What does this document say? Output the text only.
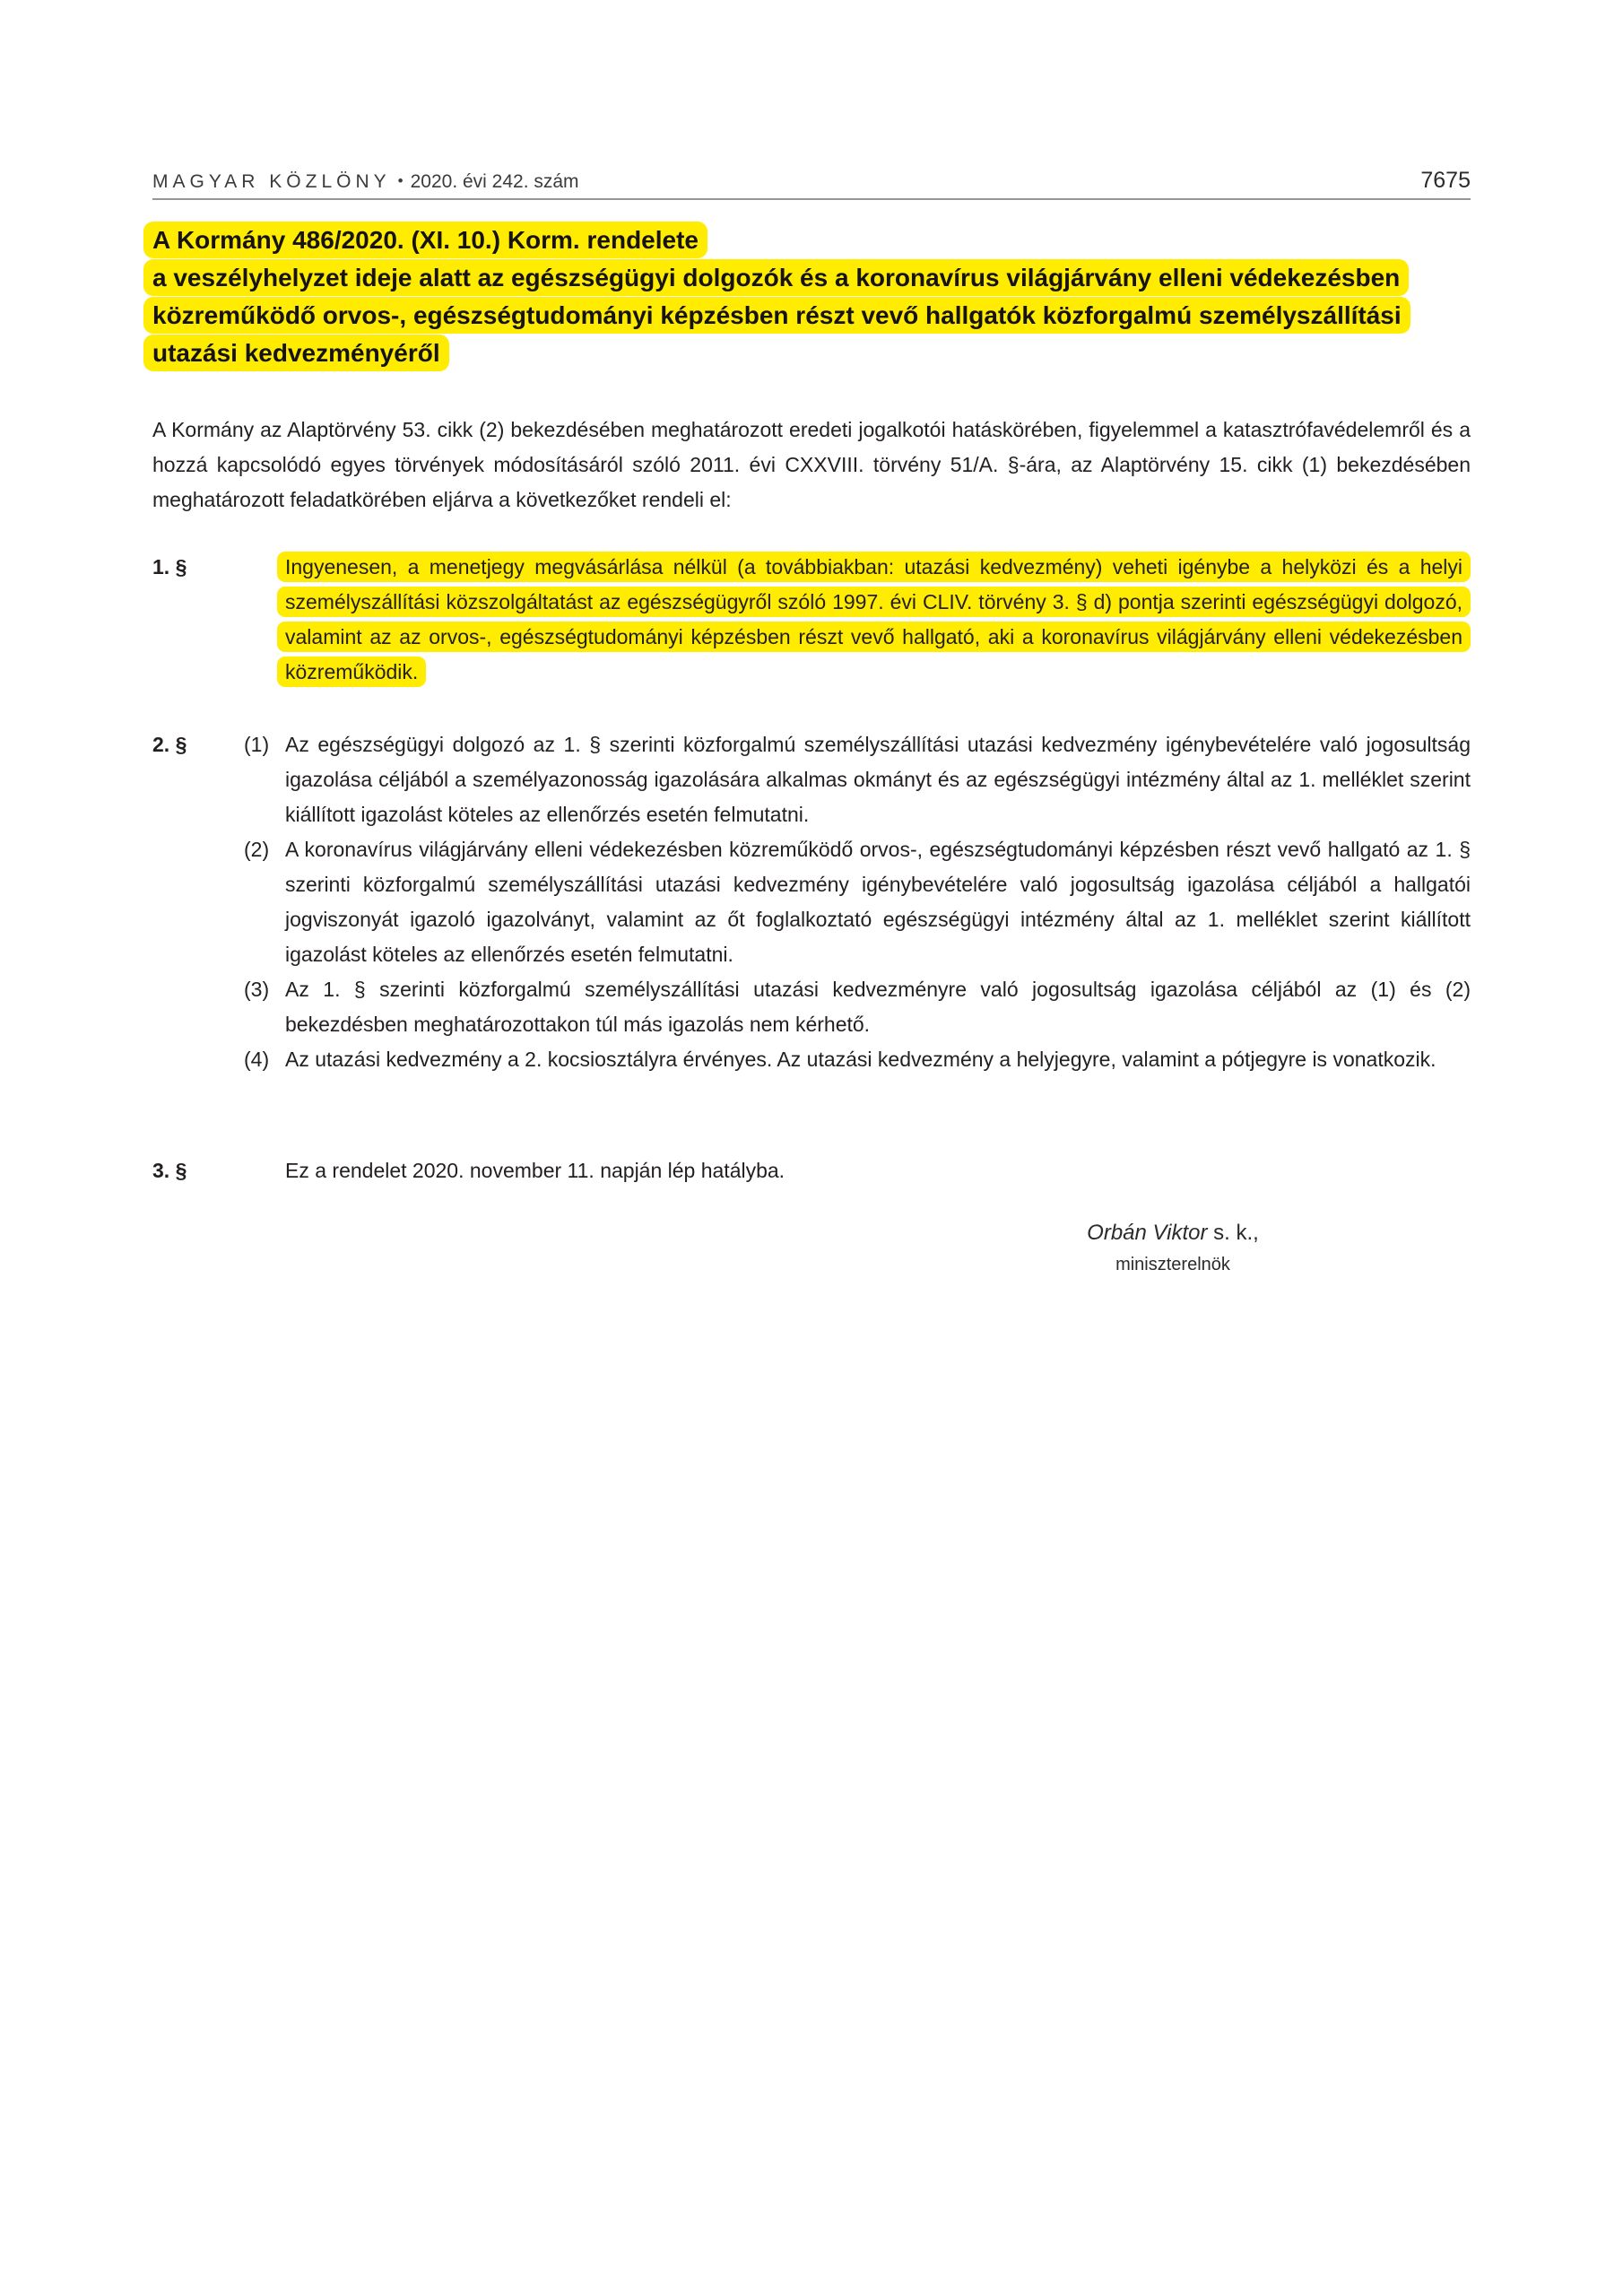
MAGYAR KÖZLÖNY • 2020. évi 242. szám	7675
A Kormány 486/2020. (XI. 10.) Korm. rendelete
a veszélyhelyzet ideje alatt az egészségügyi dolgozók és a koronavírus világjárvány elleni védekezésben közreműködő orvos-, egészségtudományi képzésben részt vevő hallgatók közforgalmú személyszállítási utazási kedvezményéről

A Kormány az Alaptörvény 53. cikk (2) bekezdésében meghatározott eredeti jogalkotói hatáskörében, figyelemmel a katasztrófavédelemről és a hozzá kapcsolódó egyes törvények módosításáról szóló 2011. évi CXXVIII. törvény 51/A. §-ára, az Alaptörvény 15. cikk (1) bekezdésében meghatározott feladatkörében eljárva a következőket rendeli el:

1. §	Ingyenesen, a menetjegy megvásárlása nélkül (a továbbiakban: utazási kedvezmény) veheti igénybe a helyközi és a helyi személyszállítási közszolgáltatást az egészségügyről szóló 1997. évi CLIV. törvény 3. § d) pontja szerinti egészségügyi dolgozó, valamint az az orvos-, egészségtudományi képzésben részt vevő hallgató, aki a koronavírus világjárvány elleni védekezésben közreműködik.
2. §	(1) Az egészségügyi dolgozó az 1. § szerinti közforgalmú személyszállítási utazási kedvezmény igénybevételére való jogosultság igazolása céljából a személyazonosság igazolására alkalmas okmányt és az egészségügyi intézmény által az 1. melléklet szerint kiállított igazolást köteles az ellenőrzés esetén felmutatni.
(2) A koronavírus világjárvány elleni védekezésben közreműködő orvos-, egészségtudományi képzésben részt vevő hallgató az 1. § szerinti közforgalmú személyszállítási utazási kedvezmény igénybevételére való jogosultság igazolása céljából a hallgatói jogviszonyát igazoló igazolványt, valamint az őt foglalkoztató egészségügyi intézmény által az 1. melléklet szerint kiállított igazolást köteles az ellenőrzés esetén felmutatni.
(3) Az 1. § szerinti közforgalmú személyszállítási utazási kedvezményre való jogosultság igazolása céljából az (1) és (2) bekezdésben meghatározottakon túl más igazolás nem kérhető.
(4) Az utazási kedvezmény a 2. kocsiosztályra érvényes. Az utazási kedvezmény a helyjegyre, valamint a pótjegyre is vonatkozik.
3. §	Ez a rendelet 2020. november 11. napján lép hatályba.
Orbán Viktor s. k.,
miniszterelnök
